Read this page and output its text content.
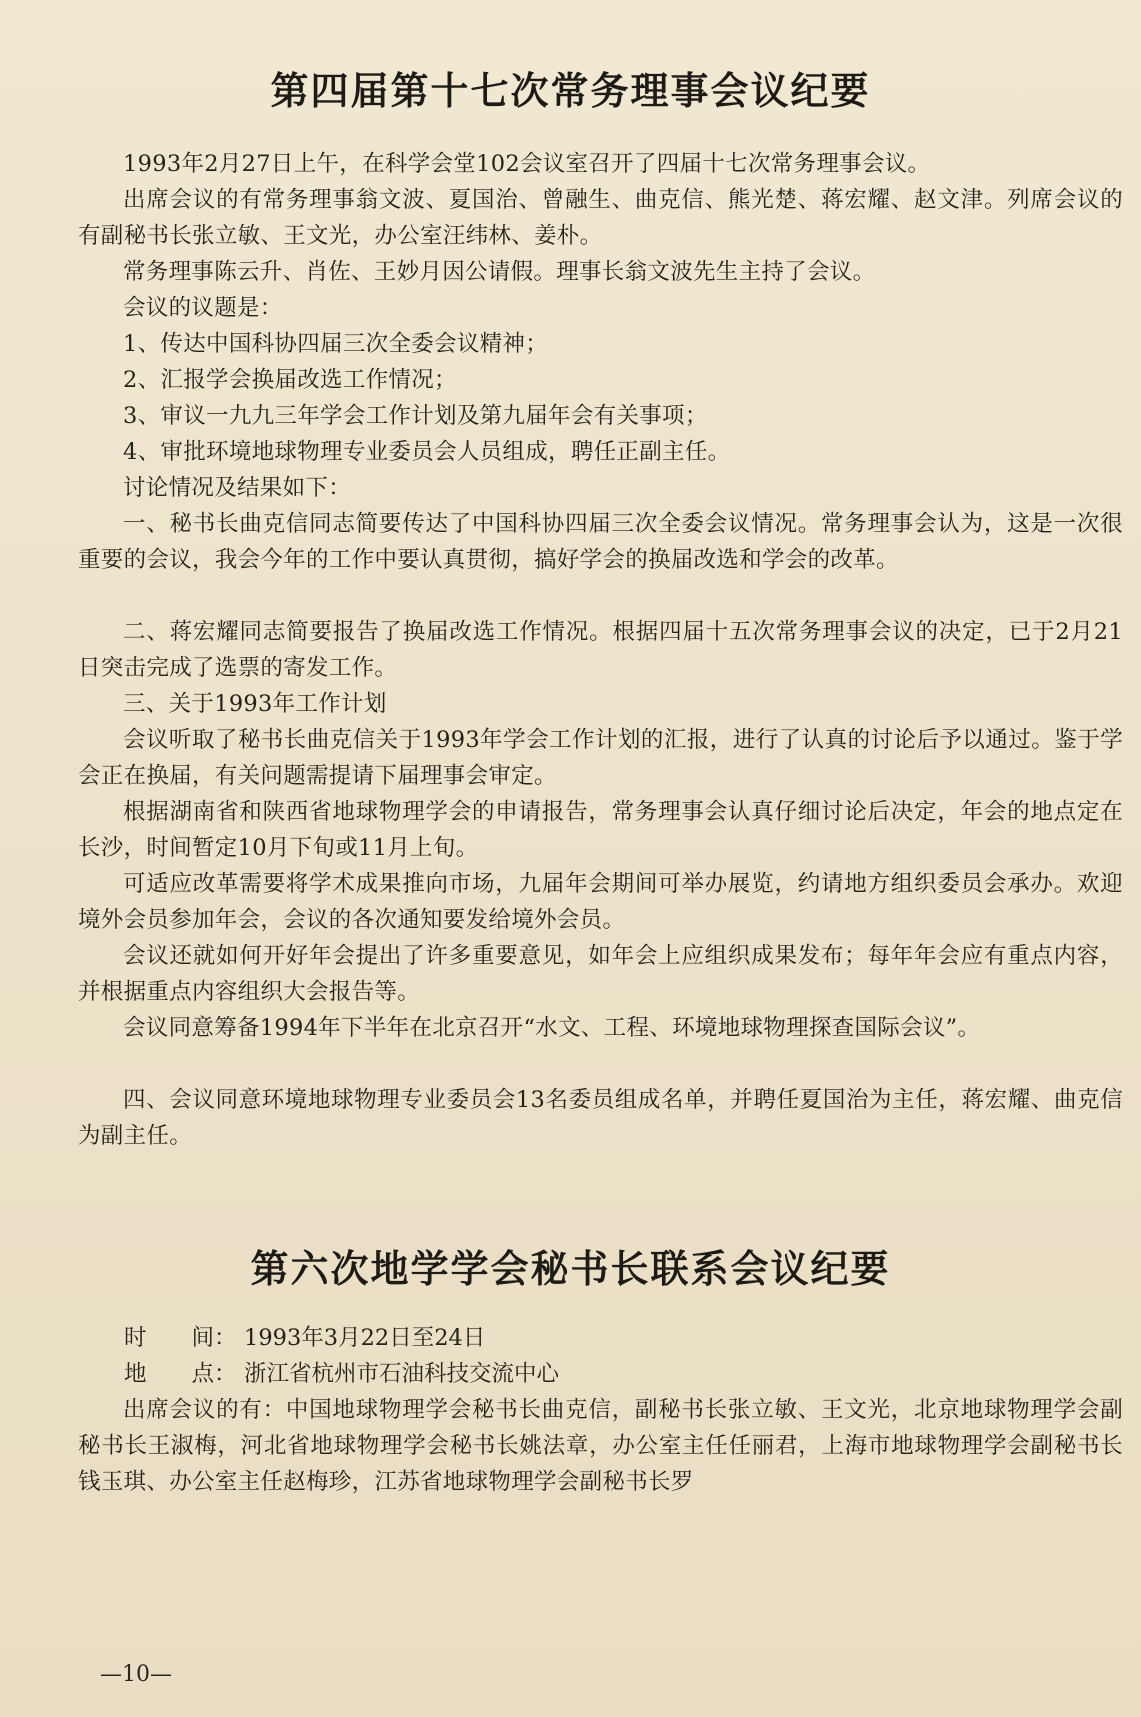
第四届第十七次常务理事会议纪要
1993年2月27日上午，在科学会堂102会议室召开了四届十七次常务理事会议。
出席会议的有常务理事翁文波、夏国治、曾融生、曲克信、熊光楚、蒋宏耀、赵文津。列席会议的有副秘书长张立敏、王文光，办公室汪纬林、姜朴。
常务理事陈云升、肖佐、王妙月因公请假。理事长翁文波先生主持了会议。
会议的议题是：
1、传达中国科协四届三次全委会议精神；
2、汇报学会换届改选工作情况；
3、审议一九九三年学会工作计划及第九届年会有关事项；
4、审批环境地球物理专业委员会人员组成，聘任正副主任。
讨论情况及结果如下：
一、秘书长曲克信同志简要传达了中国科协四届三次全委会议情况。常务理事会认为，这是一次很重要的会议，我会今年的工作中要认真贯彻，搞好学会的换届改选和学会的改革。
二、蒋宏耀同志简要报告了换届改选工作情况。根据四届十五次常务理事会议的决定，已于2月21日突击完成了选票的寄发工作。
三、关于1993年工作计划
会议听取了秘书长曲克信关于1993年学会工作计划的汇报，进行了认真的讨论后予以通过。鉴于学会正在换届，有关问题需提请下届理事会审定。
根据湖南省和陕西省地球物理学会的申请报告，常务理事会认真仔细讨论后决定，年会的地点定在长沙，时间暂定10月下旬或11月上旬。
可适应改革需要将学术成果推向市场，九届年会期间可举办展览，约请地方组织委员会承办。欢迎境外会员参加年会，会议的各次通知要发给境外会员。
会议还就如何开好年会提出了许多重要意见，如年会上应组织成果发布；每年年会应有重点内容，并根据重点内容组织大会报告等。
会议同意筹备1994年下半年在北京召开“水文、工程、环境地球物理探查国际会议”。
四、会议同意环境地球物理专业委员会13名委员组成名单，并聘任夏国治为主任，蒋宏耀、曲克信为副主任。
第六次地学学会秘书长联系会议纪要
时　　间： 1993年3月22日至24日
地　　点： 浙江省杭州市石油科技交流中心
出席会议的有：中国地球物理学会秘书长曲克信，副秘书长张立敏、王文光，北京地球物理学会副秘书长王淑梅，河北省地球物理学会秘书长姚法章，办公室主任任丽君，上海市地球物理学会副秘书长钱玉琪、办公室主任赵梅珍，江苏省地球物理学会副秘书长罗
—10—
